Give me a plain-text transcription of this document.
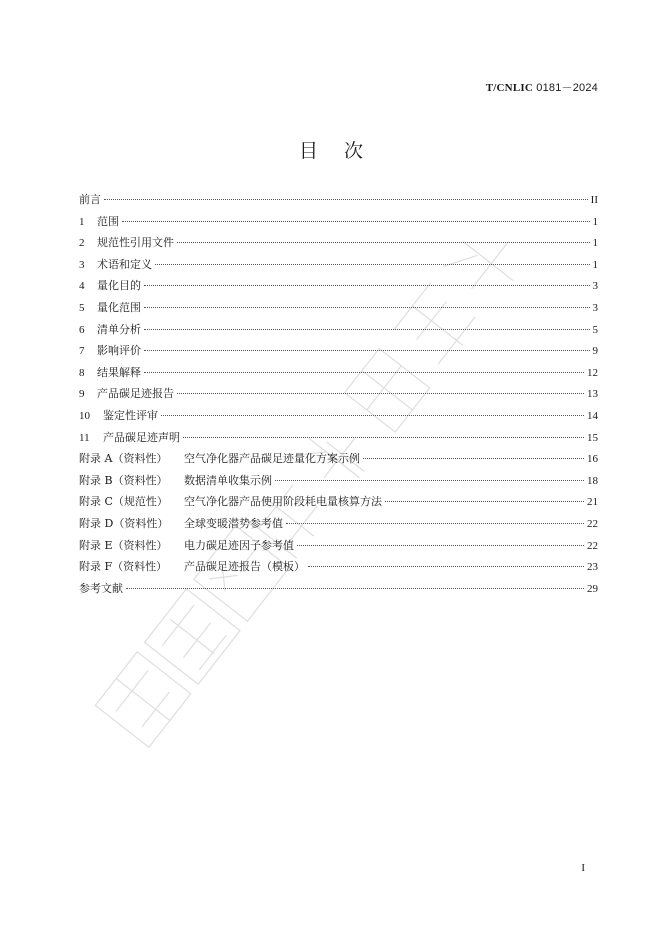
T/CNLIC 0181－2024
目次
前言	II
1 范围	1
2 规范性引用文件	1
3 术语和定义	1
4 量化目的	3
5 量化范围	3
6 清单分析	5
7 影响评价	9
8 结果解释	12
9 产品碳足迹报告	13
10 鉴定性评审	14
11 产品碳足迹声明	15
附录 A（资料性） 空气净化器产品碳足迹量化方案示例	16
附录 B（资料性） 数据清单收集示例	18
附录 C（规范性） 空气净化器产品使用阶段耗电量核算方法	21
附录 D（资料性） 全球变暖潜势参考值	22
附录 E（资料性） 电力碳足迹因子参考值	22
附录 F（资料性） 产品碳足迹报告（模板）	23
参考文献	29
I
